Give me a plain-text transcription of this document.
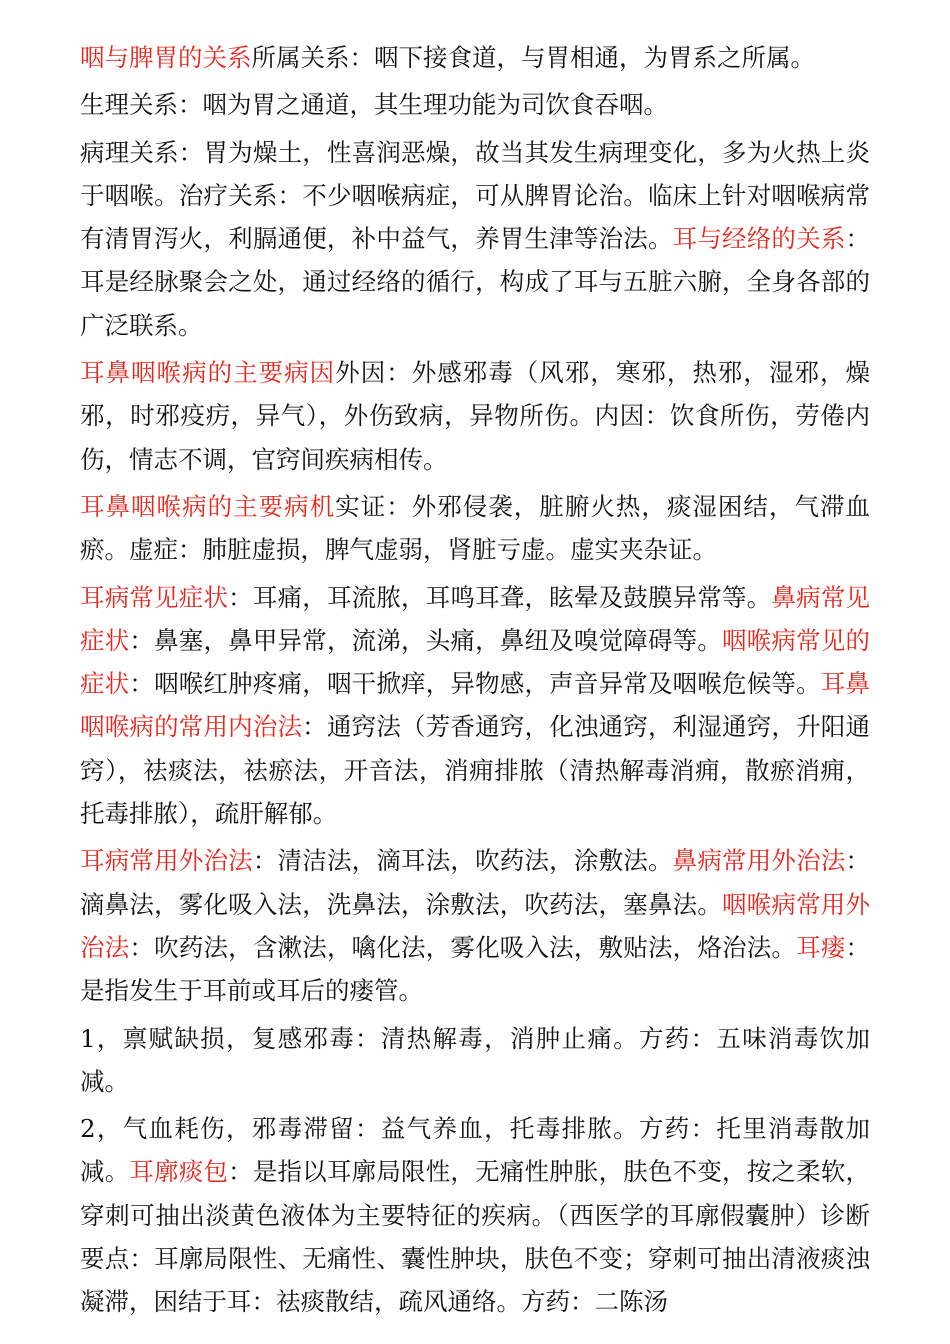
咽与脾胃的关系所属关系：咽下接食道，与胃相通，为胃系之所属。

生理关系：咽为胃之通道，其生理功能为司饮食吞咽。

病理关系：胃为燥土，性喜润恶燥，故当其发生病理变化，多为火热上炎于咽喉。治疗关系：不少咽喉病症，可从脾胃论治。临床上针对咽喉病常有清胃泻火，利膈通便，补中益气，养胃生津等治法。耳与经络的关系：耳是经脉聚会之处，通过经络的循行，构成了耳与五脏六腑，全身各部的广泛联系。

耳鼻咽喉病的主要病因外因：外感邪毒（风邪，寒邪，热邪，湿邪，燥邪，时邪疫疠，异气），外伤致病，异物所伤。内因：饮食所伤，劳倦内伤，情志不调，官窍间疾病相传。

耳鼻咽喉病的主要病机实证：外邪侵袭，脏腑火热，痰湿困结，气滞血瘀。虚症：肺脏虚损，脾气虚弱，肾脏亏虚。虚实夹杂证。

耳病常见症状：耳痛，耳流脓，耳鸣耳聋，眩晕及鼓膜异常等。鼻病常见症状：鼻塞，鼻甲异常，流涕，头痛，鼻纽及嗅觉障碍等。咽喉病常见的症状：咽喉红肿疼痛，咽干掀痒，异物感，声音异常及咽喉危候等。耳鼻咽喉病的常用内治法：通窍法（芳香通窍，化浊通窍，利湿通窍，升阳通窍），祛痰法，祛瘀法，开音法，消痈排脓（清热解毒消痈，散瘀消痈，托毒排脓），疏肝解郁。

耳病常用外治法：清洁法，滴耳法，吹药法，涂敷法。鼻病常用外治法：滴鼻法，雾化吸入法，洗鼻法，涂敷法，吹药法，塞鼻法。咽喉病常用外治法：吹药法，含漱法，噙化法，雾化吸入法，敷贴法，烙治法。耳瘘：是指发生于耳前或耳后的瘘管。

1，禀赋缺损，复感邪毒：清热解毒，消肿止痛。方药：五味消毒饮加减。

2，气血耗伤，邪毒滞留：益气养血，托毒排脓。方药：托里消毒散加减。耳廓痰包：是指以耳廓局限性，无痛性肿胀，肤色不变，按之柔软，穿刺可抽出淡黄色液体为主要特征的疾病。（西医学的耳廓假囊肿）诊断要点：耳廓局限性、无痛性、囊性肿块，肤色不变；穿刺可抽出清液痰浊凝滞，困结于耳：祛痰散结，疏风通络。方药：二陈汤
